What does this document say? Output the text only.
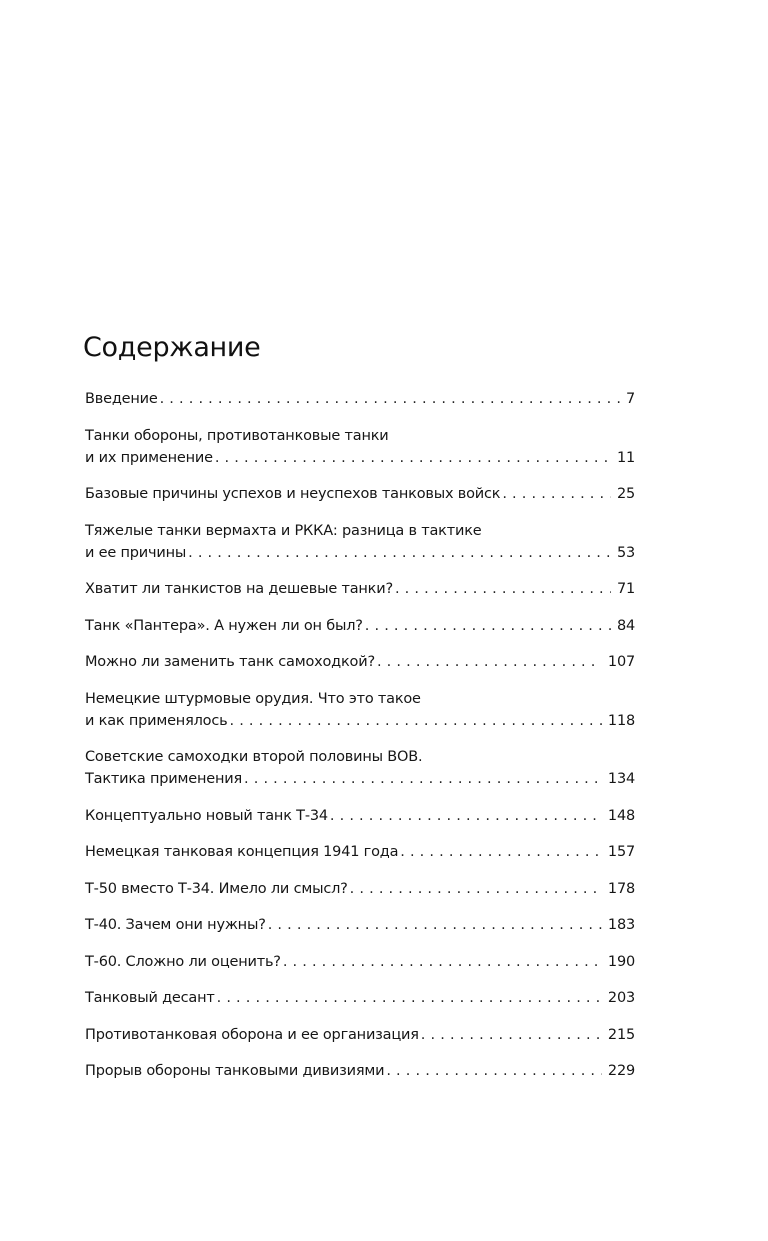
Содержание
Введение . . .	7
Танки обороны, противотанковые танки
и их применение . . .	11
Базовые причины успехов и неуспехов танковых войск . . .	25
Тяжелые танки вермахта и РККА: разница в тактике
и ее причины . . .	53
Хватит ли танкистов на дешевые танки? . . .	71
Танк «Пантера». А нужен ли он был? . . .	84
Можно ли заменить танк самоходкой? . . .	107
Немецкие штурмовые орудия. Что это такое
и как применялось . . .	118
Советские самоходки второй половины ВОВ.
Тактика применения . . .	134
Концептуально новый танк Т-34 . . .	148
Немецкая танковая концепция 1941 года . . .	157
Т-50 вместо Т-34. Имело ли смысл? . . .	178
Т-40. Зачем они нужны? . . .	183
Т-60. Сложно ли оценить? . . .	190
Танковый десант . . .	203
Противотанковая оборона и ее организация . . .	215
Прорыв обороны танковыми дивизиями . . .	229
